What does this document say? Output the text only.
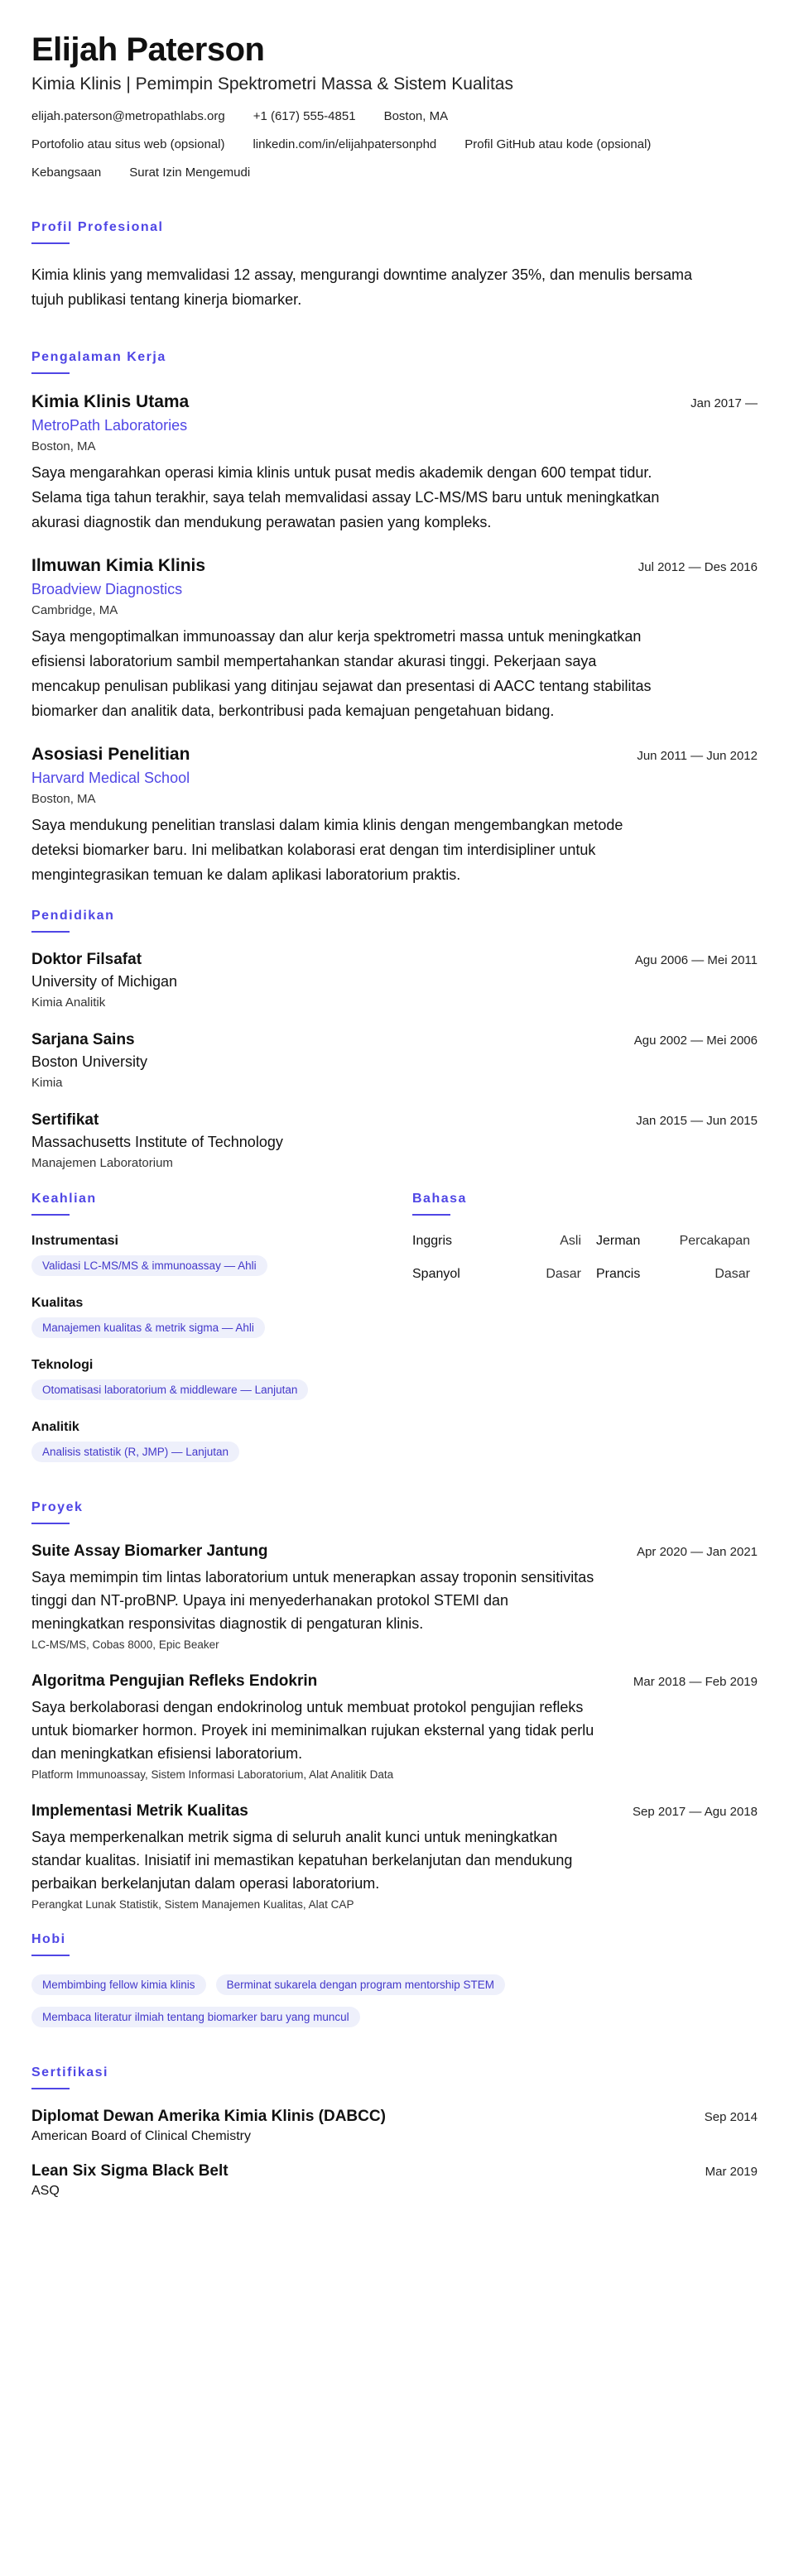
Elijah Paterson
Kimia Klinis | Pemimpin Spektrometri Massa & Sistem Kualitas
elijah.paterson@metropathlabs.org +1 (617) 555-4851 Boston, MA
Portofolio atau situs web (opsional) linkedin.com/in/elijahpatersonphd Profil GitHub atau kode (opsional)
Kebangsaan Surat Izin Mengemudi
Profil Profesional

Kimia klinis yang memvalidasi 12 assay, mengurangi downtime analyzer 35%, dan menulis bersama tujuh publikasi tentang kinerja biomarker.

Pengalaman Kerja
Kimia Klinis Utama	Jan 2017 —
MetroPath Laboratories
Boston, MA

Saya mengarahkan operasi kimia klinis untuk pusat medis akademik dengan 600 tempat tidur. Selama tiga tahun terakhir, saya telah memvalidasi assay LC-MS/MS baru untuk meningkatkan akurasi diagnostik dan mendukung perawatan pasien yang kompleks.

Ilmuwan Kimia Klinis	Jul 2012 — Des 2016
Broadview Diagnostics
Cambridge, MA

Saya mengoptimalkan immunoassay dan alur kerja spektrometri massa untuk meningkatkan efisiensi laboratorium sambil mempertahankan standar akurasi tinggi. Pekerjaan saya mencakup penulisan publikasi yang ditinjau sejawat dan presentasi di AACC tentang stabilitas biomarker dan analitik data, berkontribusi pada kemajuan pengetahuan bidang.

Asosiasi Penelitian	Jun 2011 — Jun 2012
Harvard Medical School
Boston, MA

Saya mendukung penelitian translasi dalam kimia klinis dengan mengembangkan metode deteksi biomarker baru. Ini melibatkan kolaborasi erat dengan tim interdisipliner untuk mengintegrasikan temuan ke dalam aplikasi laboratorium praktis.

Pendidikan
Doktor Filsafat	Agu 2006 — Mei 2011
University of Michigan
Kimia Analitik
Sarjana Sains	Agu 2002 — Mei 2006
Boston University
Kimia
Sertifikat	Jan 2015 — Jun 2015
Massachusetts Institute of Technology
Manajemen Laboratorium
Keahlian
Instrumentasi
Validasi LC-MS/MS & immunoassay — Ahli
Kualitas
Manajemen kualitas & metrik sigma — Ahli
Teknologi
Otomatisasi laboratorium & middleware — Lanjutan
Analitik
Analisis statistik (R, JMP) — Lanjutan
Bahasa
Inggris	Asli	Jerman	Percakapan
Spanyol	Dasar	Prancis	Dasar
Proyek
Suite Assay Biomarker Jantung	Apr 2020 — Jan 2021

Saya memimpin tim lintas laboratorium untuk menerapkan assay troponin sensitivitas tinggi dan NT-proBNP. Upaya ini menyederhanakan protokol STEMI dan meningkatkan responsivitas diagnostik di pengaturan klinis.

LC-MS/MS, Cobas 8000, Epic Beaker
Algoritma Pengujian Refleks Endokrin	Mar 2018 — Feb 2019

Saya berkolaborasi dengan endokrinolog untuk membuat protokol pengujian refleks untuk biomarker hormon. Proyek ini meminimalkan rujukan eksternal yang tidak perlu dan meningkatkan efisiensi laboratorium.

Platform Immunoassay, Sistem Informasi Laboratorium, Alat Analitik Data
Implementasi Metrik Kualitas	Sep 2017 — Agu 2018

Saya memperkenalkan metrik sigma di seluruh analit kunci untuk meningkatkan standar kualitas. Inisiatif ini memastikan kepatuhan berkelanjutan dan mendukung perbaikan berkelanjutan dalam operasi laboratorium.

Perangkat Lunak Statistik, Sistem Manajemen Kualitas, Alat CAP
Hobi
Membimbing fellow kimia klinis	Berminat sukarela dengan program mentorship STEM
Membaca literatur ilmiah tentang biomarker baru yang muncul
Sertifikasi
Diplomat Dewan Amerika Kimia Klinis (DABCC)	Sep 2014
American Board of Clinical Chemistry
Lean Six Sigma Black Belt	Mar 2019
ASQ
